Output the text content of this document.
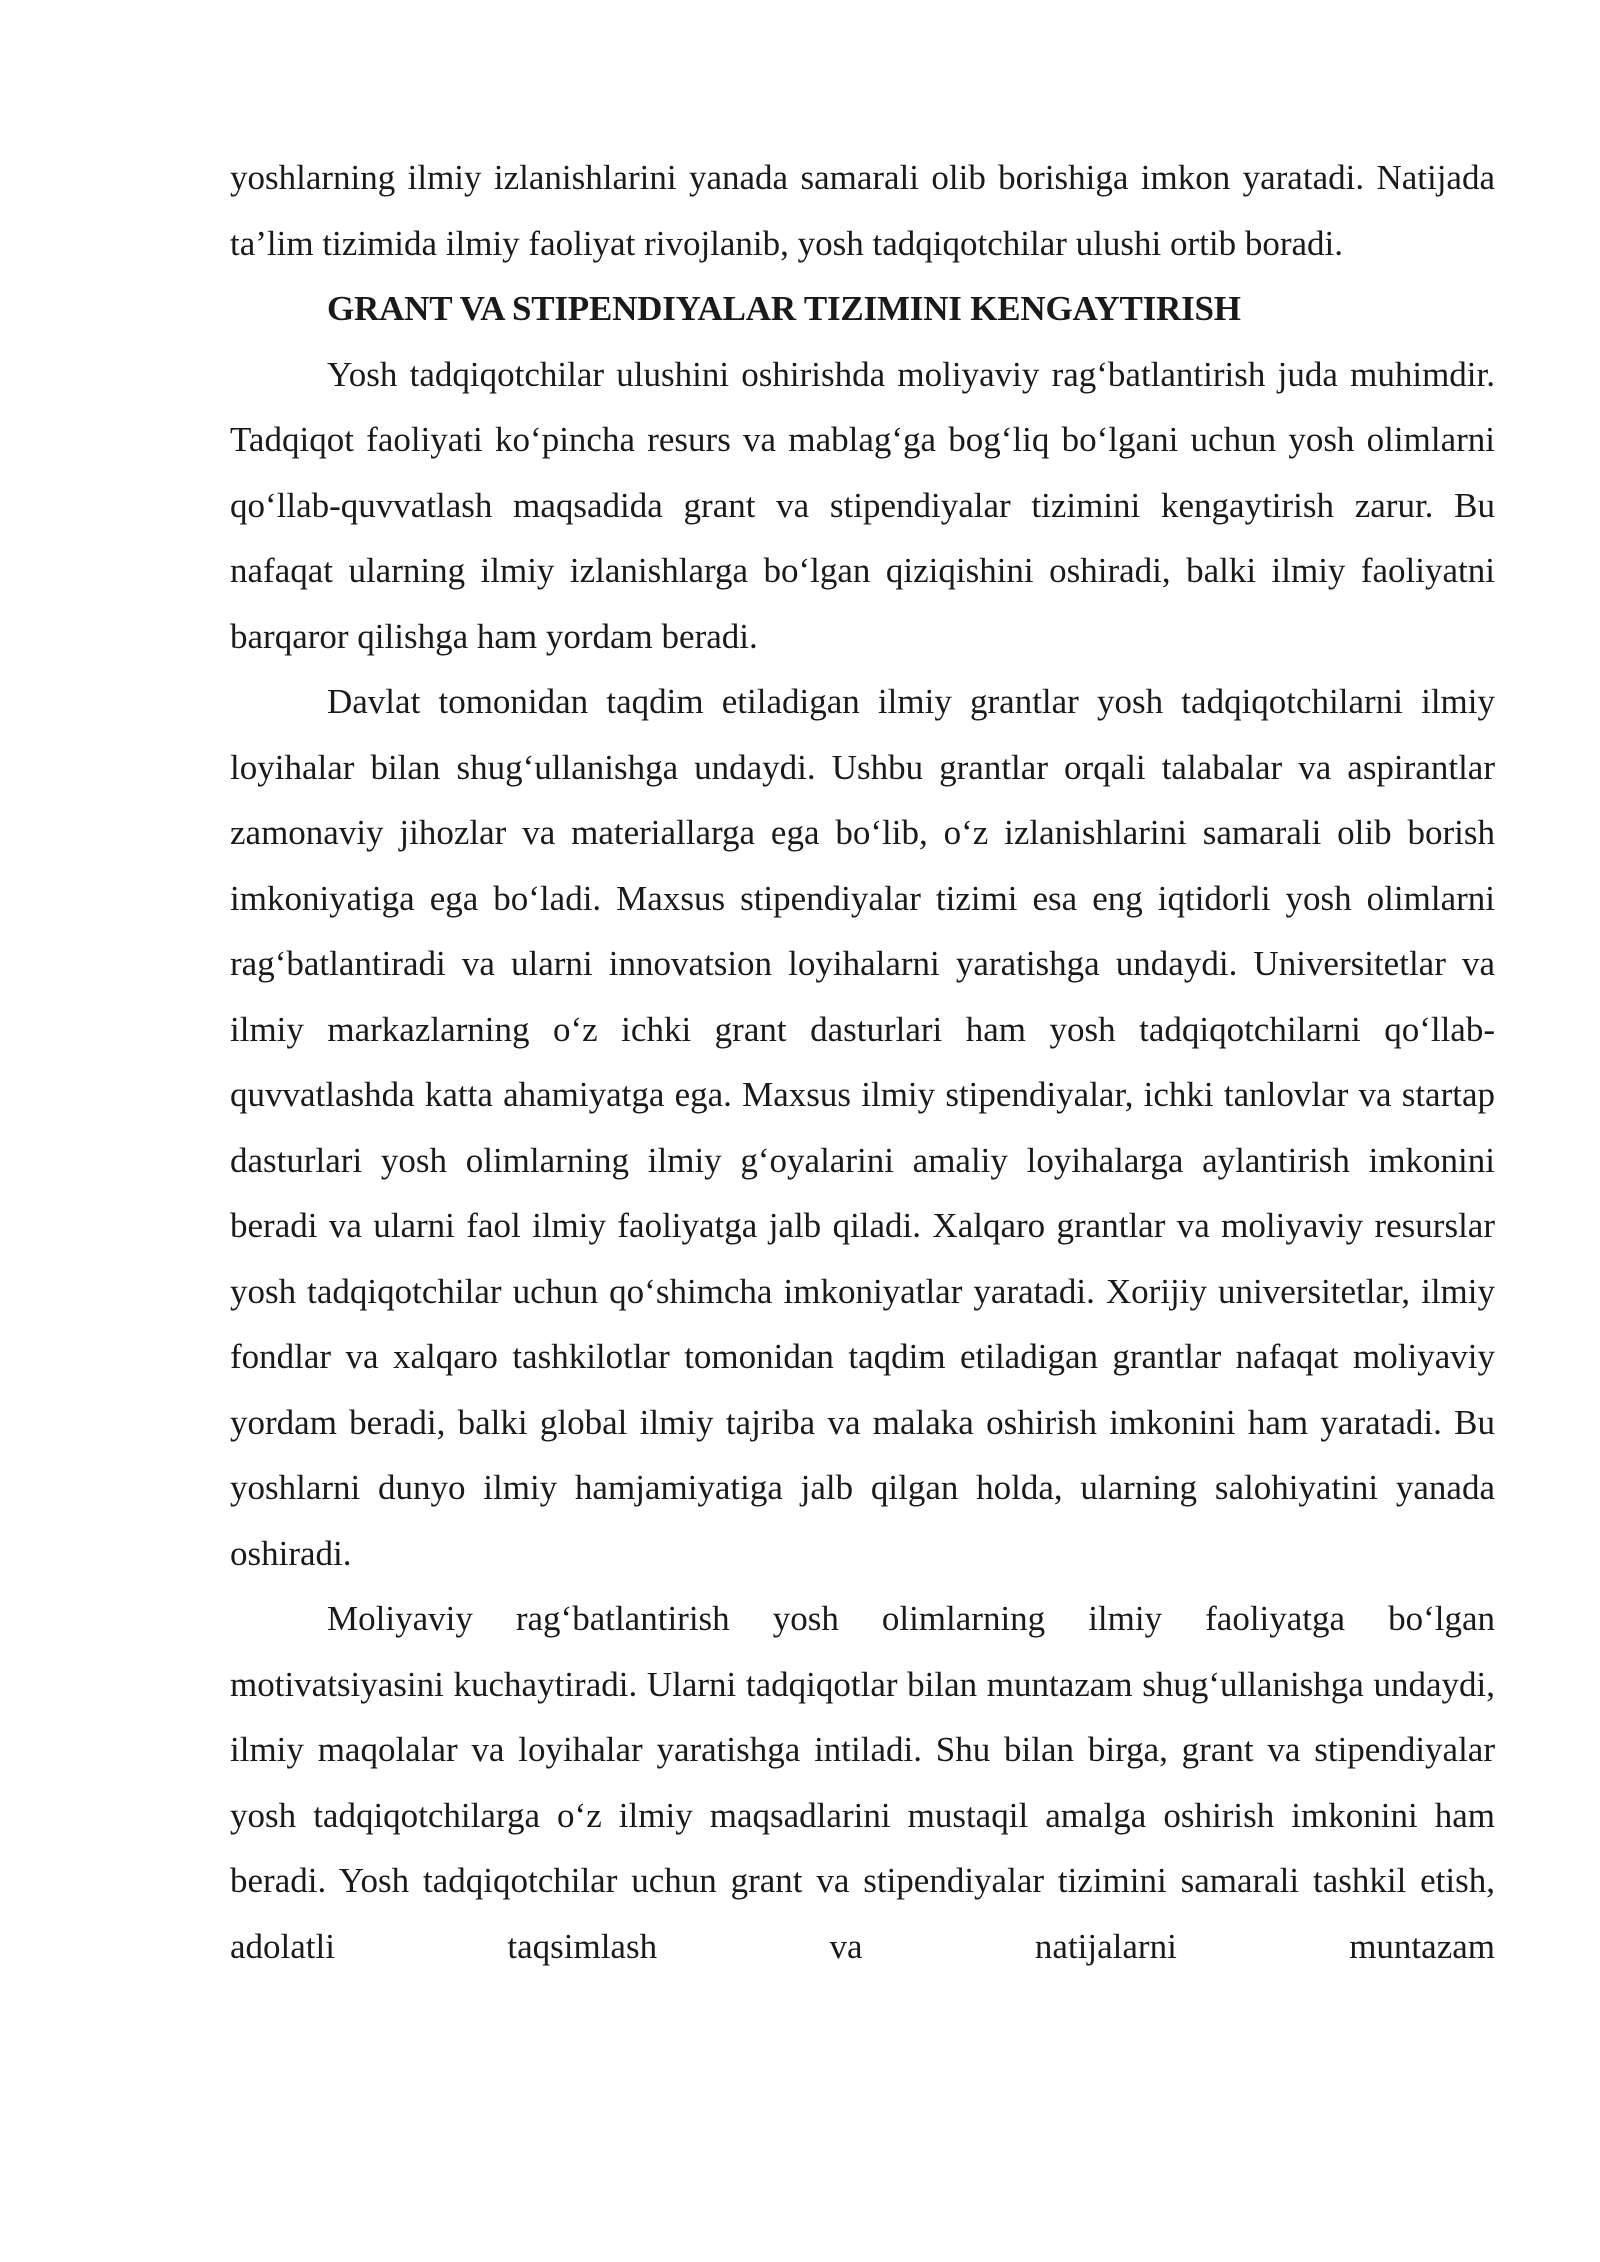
yoshlarning ilmiy izlanishlarini yanada samarali olib borishiga imkon yaratadi. Natijada ta’lim tizimida ilmiy faoliyat rivojlanib, yosh tadqiqotchilar ulushi ortib boradi.

GRANT VA STIPENDIYALAR TIZIMINI KENGAYTIRISH

Yosh tadqiqotchilar ulushini oshirishda moliyaviy rag‘batlantirish juda muhimdir. Tadqiqot faoliyati ko‘pincha resurs va mablag‘ga bog‘liq bo‘lgani uchun yosh olimlarni qo‘llab-quvvatlash maqsadida grant va stipendiyalar tizimini kengaytirish zarur. Bu nafaqat ularning ilmiy izlanishlarga bo‘lgan qiziqishini oshiradi, balki ilmiy faoliyatni barqaror qilishga ham yordam beradi.

Davlat tomonidan taqdim etiladigan ilmiy grantlar yosh tadqiqotchilarni ilmiy loyihalar bilan shug‘ullanishga undaydi. Ushbu grantlar orqali talabalar va aspirantlar zamonaviy jihozlar va materiallarga ega bo‘lib, o‘z izlanishlarini samarali olib borish imkoniyatiga ega bo‘ladi. Maxsus stipendiyalar tizimi esa eng iqtidorli yosh olimlarni rag‘batlantiradi va ularni innovatsion loyihalarni yaratishga undaydi. Universitetlar va ilmiy markazlarning o‘z ichki grant dasturlari ham yosh tadqiqotchilarni qo‘llab-quvvatlashda katta ahamiyatga ega. Maxsus ilmiy stipendiyalar, ichki tanlovlar va startap dasturlari yosh olimlarning ilmiy g‘oyalarini amaliy loyihalarga aylantirish imkonini beradi va ularni faol ilmiy faoliyatga jalb qiladi. Xalqaro grantlar va moliyaviy resurslar yosh tadqiqotchilar uchun qo‘shimcha imkoniyatlar yaratadi. Xorijiy universitetlar, ilmiy fondlar va xalqaro tashkilotlar tomonidan taqdim etiladigan grantlar nafaqat moliyaviy yordam beradi, balki global ilmiy tajriba va malaka oshirish imkonini ham yaratadi. Bu yoshlarni dunyo ilmiy hamjamiyatiga jalb qilgan holda, ularning salohiyatini yanada oshiradi.

Moliyaviy rag‘batlantirish yosh olimlarning ilmiy faoliyatga bo‘lgan motivatsiyasini kuchaytiradi. Ularni tadqiqotlar bilan muntazam shug‘ullanishga undaydi, ilmiy maqolalar va loyihalar yaratishga intiladi. Shu bilan birga, grant va stipendiyalar yosh tadqiqotchilarga o‘z ilmiy maqsadlarini mustaqil amalga oshirish imkonini ham beradi. Yosh tadqiqotchilar uchun grant va stipendiyalar tizimini samarali tashkil etish, adolatli taqsimlash va natijalarni muntazam
